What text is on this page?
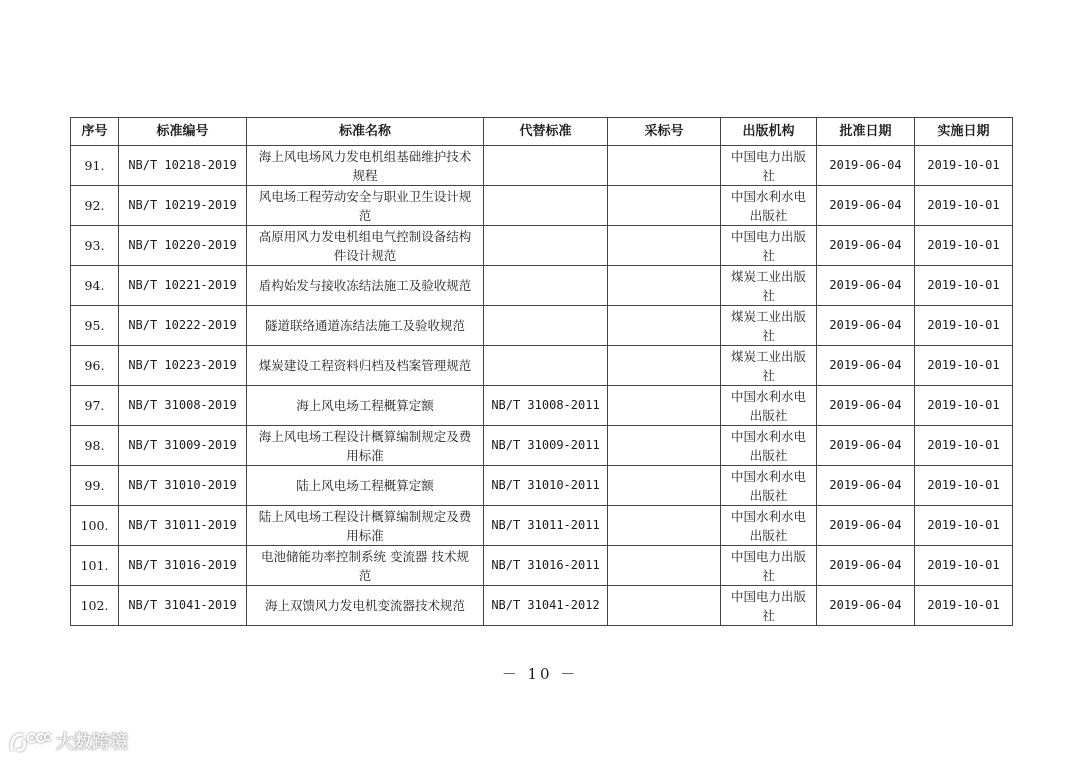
序号	标准编号	标准名称	代替标准	采标号	出版机构	批准日期	实施日期
91.	NB/T 10218-2019	海上风电场风力发电机组基础维护技术规程			中国电力出版社	2019-06-04	2019-10-01
92.	NB/T 10219-2019	风电场工程劳动安全与职业卫生设计规范			中国水利水电出版社	2019-06-04	2019-10-01
93.	NB/T 10220-2019	高原用风力发电机组电气控制设备结构件设计规范			中国电力出版社	2019-06-04	2019-10-01
94.	NB/T 10221-2019	盾构始发与接收冻结法施工及验收规范			煤炭工业出版社	2019-06-04	2019-10-01
95.	NB/T 10222-2019	隧道联络通道冻结法施工及验收规范			煤炭工业出版社	2019-06-04	2019-10-01
96.	NB/T 10223-2019	煤炭建设工程资料归档及档案管理规范			煤炭工业出版社	2019-06-04	2019-10-01
97.	NB/T 31008-2019	海上风电场工程概算定额	NB/T 31008-2011		中国水利水电出版社	2019-06-04	2019-10-01
98.	NB/T 31009-2019	海上风电场工程设计概算编制规定及费用标准	NB/T 31009-2011		中国水利水电出版社	2019-06-04	2019-10-01
99.	NB/T 31010-2019	陆上风电场工程概算定额	NB/T 31010-2011		中国水利水电出版社	2019-06-04	2019-10-01
100.	NB/T 31011-2019	陆上风电场工程设计概算编制规定及费用标准	NB/T 31011-2011		中国水利水电出版社	2019-06-04	2019-10-01
101.	NB/T 31016-2019	电池储能功率控制系统 变流器 技术规范	NB/T 31016-2011		中国电力出版社	2019-06-04	2019-10-01
102.	NB/T 31041-2019	海上双馈风力发电机变流器技术规范	NB/T 31041-2012		中国电力出版社	2019-06-04	2019-10-01
－ 10 －
大数跨境
